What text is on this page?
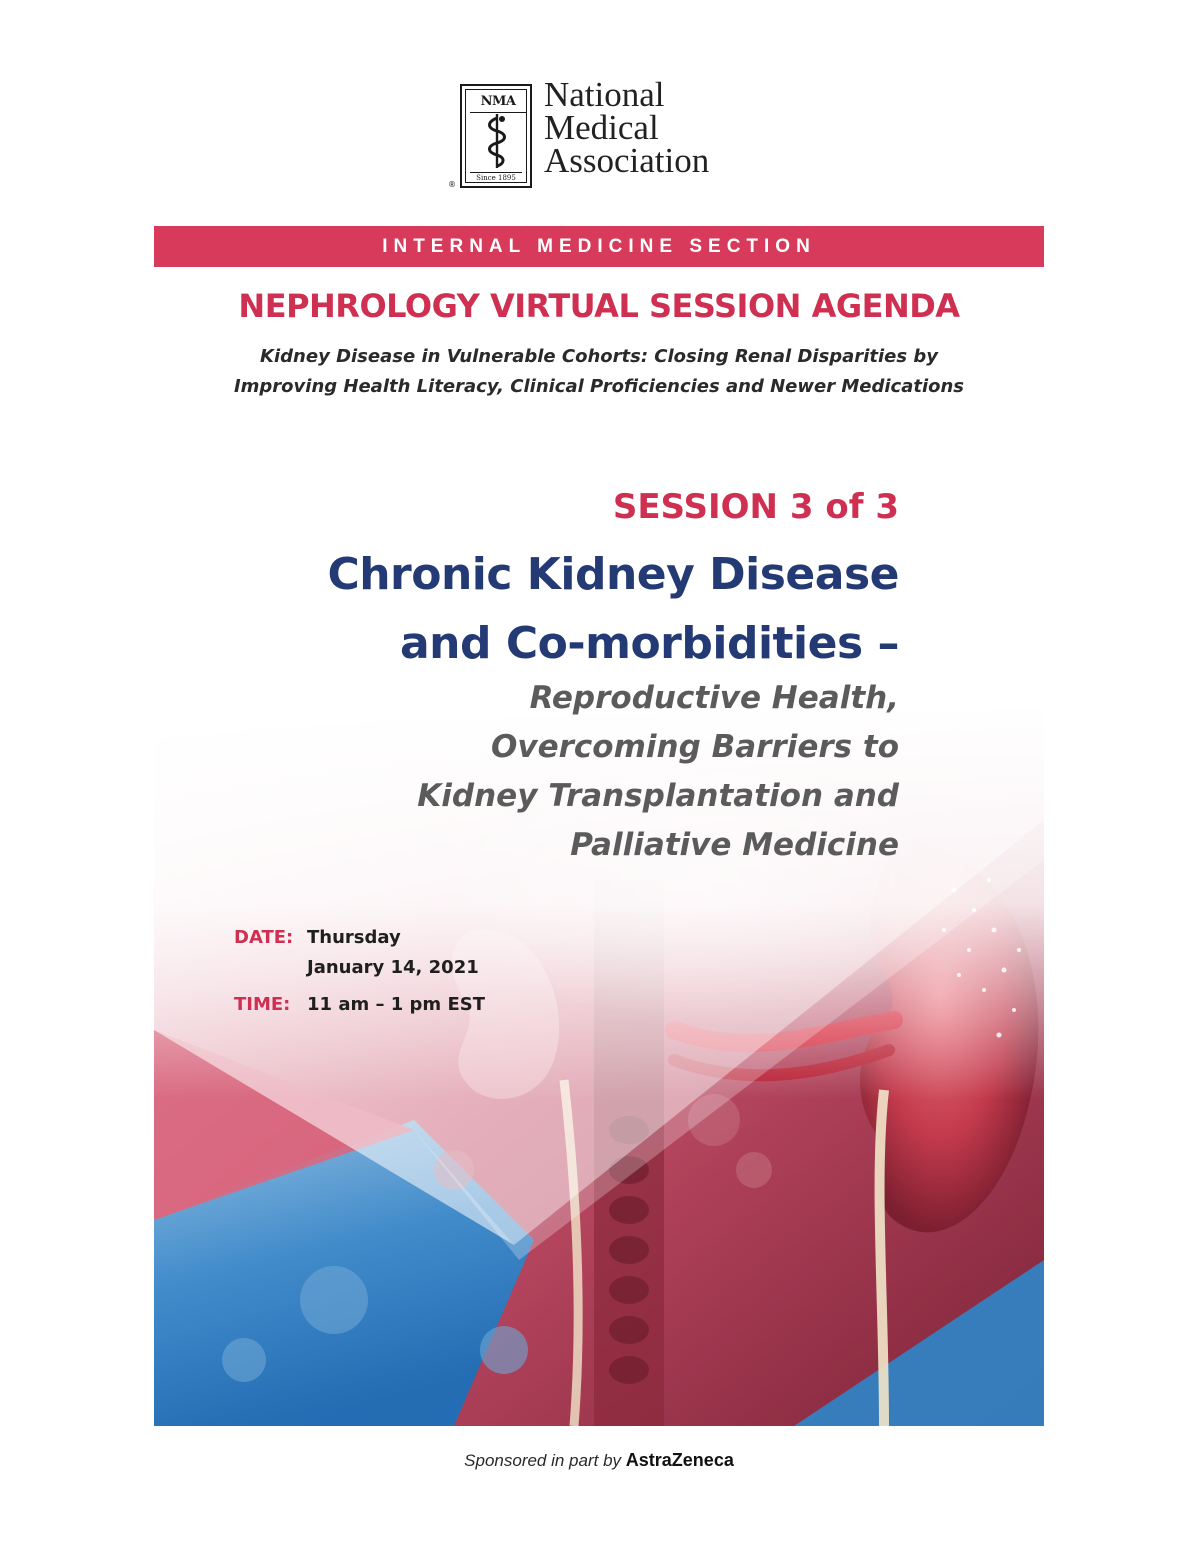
NMA
Since 1895
®
National
Medical
Association
INTERNAL MEDICINE SECTION
NEPHROLOGY VIRTUAL SESSION AGENDA
Kidney Disease in Vulnerable Cohorts: Closing Renal Disparities by
Improving Health Literacy, Clinical Proficiencies and Newer Medications
SESSION 3 of 3
Chronic Kidney Disease
and Co-morbidities –
Reproductive Health,
Overcoming Barriers to
Kidney Transplantation and
Palliative Medicine
DATE: Thursday
January 14, 2021
TIME: 11 am – 1 pm EST
Sponsored in part by AstraZeneca
